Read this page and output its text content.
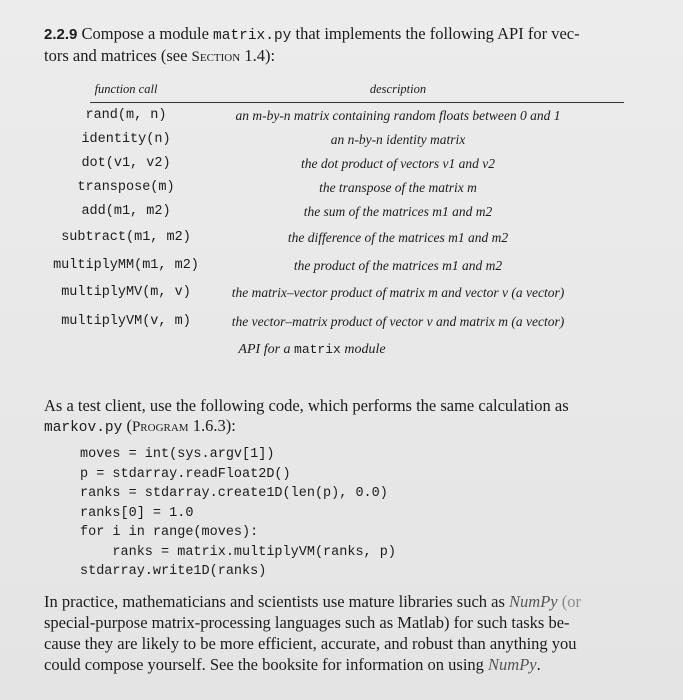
2.2.9 Compose a module matrix.py that implements the following API for vec-
tors and matrices (see Section 1.4):
function call	description
rand(m, n)	an m-by-n matrix containing random floats between 0 and 1
identity(n)	an n-by-n identity matrix
dot(v1, v2)	the dot product of vectors v1 and v2
transpose(m)	the transpose of the matrix m
add(m1, m2)	the sum of the matrices m1 and m2
subtract(m1, m2)	the difference of the matrices m1 and m2
multiplyMM(m1, m2)	the product of the matrices m1 and m2
multiplyMV(m, v)	the matrix–vector product of matrix m and vector v (a vector)
multiplyVM(v, m)	the vector–matrix product of vector v and matrix m (a vector)
API for a matrix module
As a test client, use the following code, which performs the same calculation as
markov.py (Program 1.6.3):
moves = int(sys.argv[1])
p = stdarray.readFloat2D()
ranks = stdarray.create1D(len(p), 0.0)
ranks[0] = 1.0
for i in range(moves):
ranks = matrix.multiplyVM(ranks, p)
stdarray.write1D(ranks)
In practice, mathematicians and scientists use mature libraries such as NumPy (or
special-purpose matrix-processing languages such as Matlab) for such tasks be-
cause they are likely to be more efficient, accurate, and robust than anything you
could compose yourself. See the booksite for information on using NumPy.
